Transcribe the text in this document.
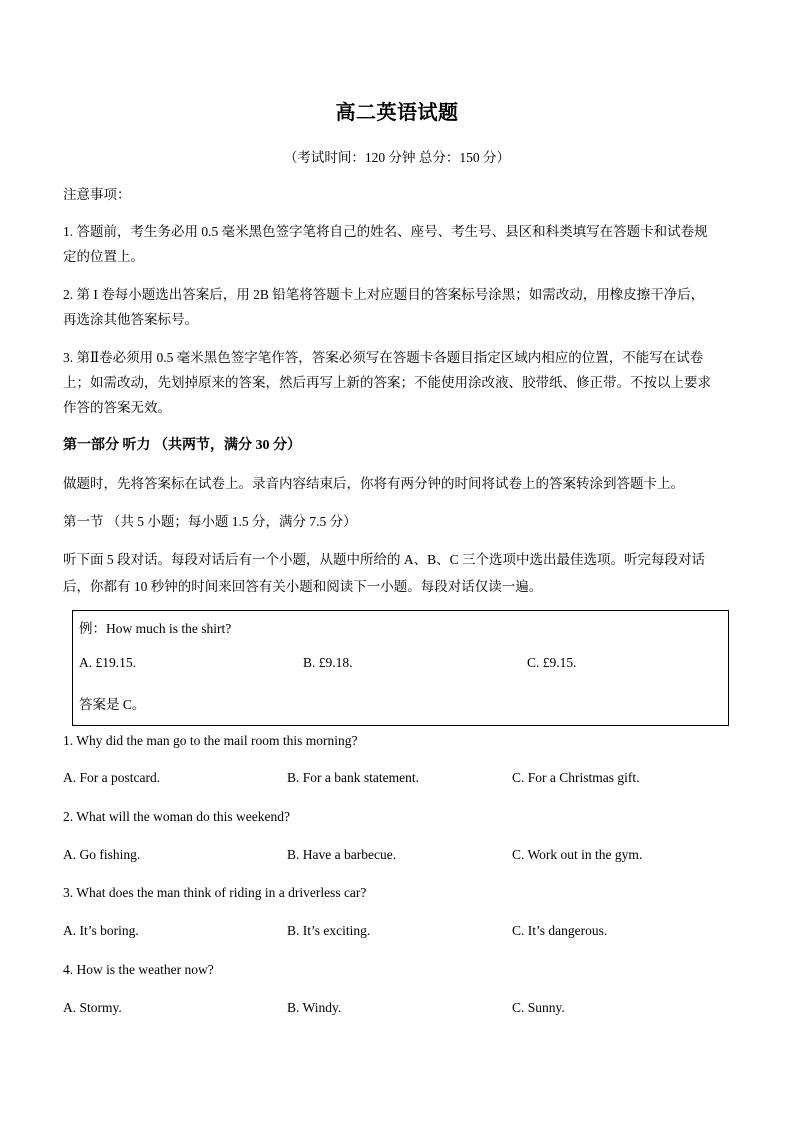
高二英语试题
（考试时间：120 分钟 总分：150 分）
注意事项：
1. 答题前，考生务必用 0.5 毫米黑色签字笔将自己的姓名、座号、考生号、县区和科类填写在答题卡和试卷规
定的位置上。
2. 第 I 卷每小题选出答案后，用 2B 铅笔将答题卡上对应题目的答案标号涂黑；如需改动，用橡皮擦干净后，
再选涂其他答案标号。
3. 第Ⅱ卷必须用 0.5 毫米黑色签字笔作答，答案必须写在答题卡各题目指定区域内相应的位置，不能写在试卷
上；如需改动，先划掉原来的答案，然后再写上新的答案；不能使用涂改液、胶带纸、修正带。不按以上要求
作答的答案无效。
第一部分 听力 （共两节，满分 30 分）
做题时，先将答案标在试卷上。录音内容结束后，你将有两分钟的时间将试卷上的答案转涂到答题卡上。
第一节 （共 5 小题；每小题 1.5 分，满分 7.5 分）
听下面 5 段对话。每段对话后有一个小题，从题中所给的 A、B、C 三个选项中选出最佳选项。听完每段对话
后，你都有 10 秒钟的时间来回答有关小题和阅读下一小题。每段对话仅读一遍。
例：How much is the shirt?
A. £19.15.	B. £9.18.	C. £9.15.
答案是 C。
1. Why did the man go to the mail room this morning?
A. For a postcard.	B. For a bank statement.	C. For a Christmas gift.
2. What will the woman do this weekend?
A. Go fishing.	B. Have a barbecue.	C. Work out in the gym.
3. What does the man think of riding in a driverless car?
A. It’s boring.	B. It’s exciting.	C. It’s dangerous.
4. How is the weather now?
A. Stormy.	B. Windy.	C. Sunny.
